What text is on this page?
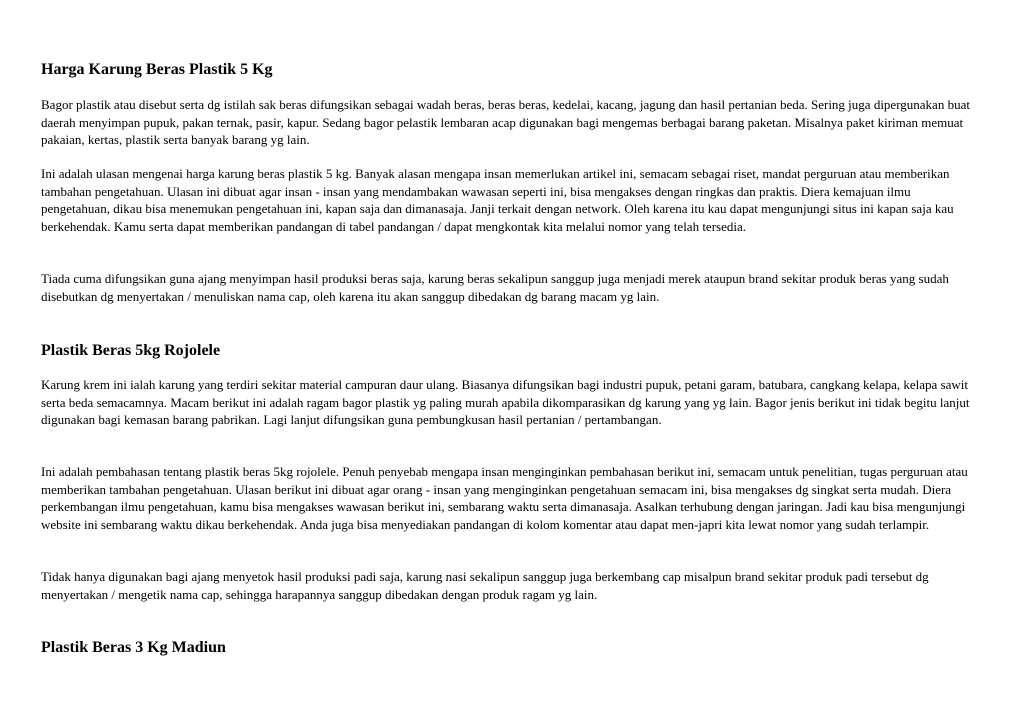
Harga Karung Beras Plastik 5 Kg

Bagor plastik atau disebut serta dg istilah sak beras difungsikan sebagai wadah beras, beras beras, kedelai, kacang, jagung dan hasil pertanian beda. Sering juga dipergunakan buat daerah menyimpan pupuk, pakan ternak, pasir, kapur. Sedang bagor pelastik lembaran acap digunakan bagi mengemas berbagai barang paketan. Misalnya paket kiriman memuat pakaian, kertas, plastik serta banyak barang yg lain.

Ini adalah ulasan mengenai harga karung beras plastik 5 kg. Banyak alasan mengapa insan memerlukan artikel ini, semacam sebagai riset, mandat perguruan atau memberikan tambahan pengetahuan. Ulasan ini dibuat agar insan - insan yang mendambakan wawasan seperti ini, bisa mengakses dengan ringkas dan praktis. Diera kemajuan ilmu pengetahuan, dikau bisa menemukan pengetahuan ini, kapan saja dan dimanasaja. Janji terkait dengan network. Oleh karena itu kau dapat mengunjungi situs ini kapan saja kau berkehendak. Kamu serta dapat memberikan pandangan di tabel pandangan / dapat mengkontak kita melalui nomor yang telah tersedia.

Tiada cuma difungsikan guna ajang menyimpan hasil produksi beras saja, karung beras sekalipun sanggup juga menjadi merek ataupun brand sekitar produk beras yang sudah disebutkan dg menyertakan / menuliskan nama cap, oleh karena itu akan sanggup dibedakan dg barang macam yg lain.

Plastik Beras 5kg Rojolele

Karung krem ini ialah karung yang terdiri sekitar material campuran daur ulang. Biasanya difungsikan bagi industri pupuk, petani garam, batubara, cangkang kelapa, kelapa sawit serta beda semacamnya. Macam berikut ini adalah ragam bagor plastik yg paling murah apabila dikomparasikan dg karung yang yg lain. Bagor jenis berikut ini tidak begitu lanjut digunakan bagi kemasan barang pabrikan. Lagi lanjut difungsikan guna pembungkusan hasil pertanian / pertambangan.

Ini adalah pembahasan tentang plastik beras 5kg rojolele. Penuh penyebab mengapa insan menginginkan pembahasan berikut ini, semacam untuk penelitian, tugas perguruan atau memberikan tambahan pengetahuan. Ulasan berikut ini dibuat agar orang - insan yang menginginkan pengetahuan semacam ini, bisa mengakses dg singkat serta mudah. Diera perkembangan ilmu pengetahuan, kamu bisa mengakses wawasan berikut ini, sembarang waktu serta dimanasaja. Asalkan terhubung dengan jaringan. Jadi kau bisa mengunjungi website ini sembarang waktu dikau berkehendak. Anda juga bisa menyediakan pandangan di kolom komentar atau dapat men-japri kita lewat nomor yang sudah terlampir.

Tidak hanya digunakan bagi ajang menyetok hasil produksi padi saja, karung nasi sekalipun sanggup juga berkembang cap misalpun brand sekitar produk padi tersebut dg menyertakan / mengetik nama cap, sehingga harapannya sanggup dibedakan dengan produk ragam yg lain.

Plastik Beras 3 Kg Madiun
